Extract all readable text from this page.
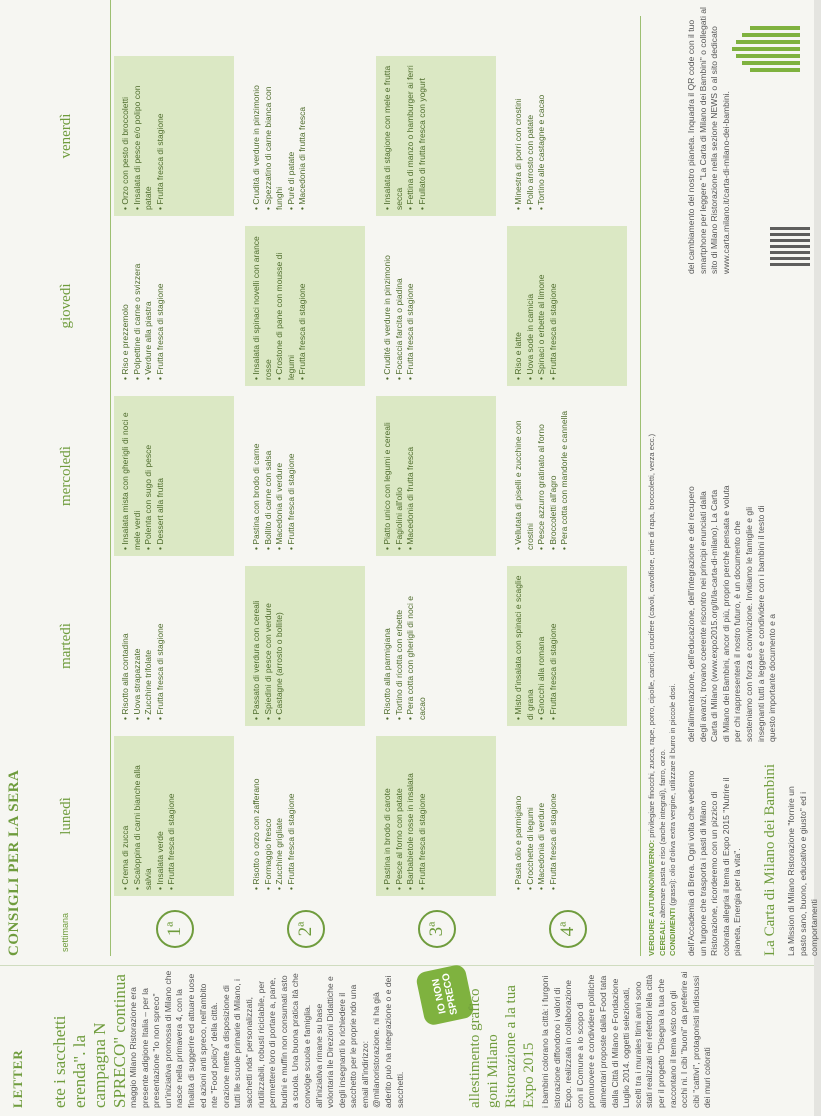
LETTER ete i sacchetti erenda". la campagna N SPRECO" continua maggio Milano Ristorazione era presente adigione Italia – per la presentazione "Io non spreco" un'iniziativa promossa di Milano che nasce nella primavera 4, con la finalità di suggerire ed attuare uose ed azioni anti spreco, nell'ambito nte "Food policy" della città. orazione mette a disposizione di tutti lle scuole primarie di Milano, i sacchetti nda" personalizzati, riutilizzabili, robusti riciclabile, per permettere loro di portare a, pane, budini e muffin non consumati asto a scuola. Una buona pratica ità che convolge scuola e famiglia. all'iniziativa rimane su base volontaria lle Direzioni Didattiche e degli insegnanti lo richiedere il sacchetto per le proprie ndo una email all'indirizzo: @milanoristorazione. ni ha già aderito può na integrazione o e dei sacchetti.

IO NON SPRECO allestimento grafico goni Milano Ristorazione a la tua Expo 2015 i bambini colorano la città: i furgoni istorazione diffondono i valori di Expo. realizzata in collaborazione con il Comune a lo scopo di promuovere e condividere politiche alimentari proposte dalla Food tata dalla Città di Milano e Fondazione Luglio 2014. oggetti selezionati, scelti tra i murales ltimi anni sono stati realizzati nei refettori lella città per il progetto "Disegna la tua che raccontano il tema visto con gli occhi ni. I cibi "buoni" da preferire ai cibi "cattivi", protagonisti indiscussi dei muri colorati

CONSIGLI PER LA SERA	settimana
lunedì
martedì
mercoledì
giovedì
venerdì
1ª
• Crema di zucca • Scaloppina di carni bianche alla salvia • Insalata verde • Frutta fresca di stagione
• Risotto alla contadina • Uova strapazzate • Zucchine trifolate • Frutta fresca di stagione
• Insalata mista con gherigli di noci e mele verdi • Polenta con sugo di pesce • Dessert alla frutta
• Riso e prezzemolo • Polpettine di carne o svizzera • Verdure alla piastra • Frutta fresca di stagione
• Orzo con pesto di broccoletti • Insalata di pesce e/o polipo con patate • Frutta fresca di stagione
2ª
• Risotto o orzo con zafferano • Formaggio fresco • Zucchine grigliate • Frutta fresca di stagione
• Passato di verdura con cereali • Spiedini di pesce con verdure • Castagne (arrosto o bollite)
• Pastina con brodo di carne • Bollito di carne con salsa • Macedonia di verdure • Frutta fresca di stagione
• Insalata di spinaci novelli con arance rosse • Crostone di pane con mousse di legumi • Frutta fresca di stagione
• Crudità di verdure in pinzimonio • Spezzatino di carne bianca con funghi • Purè di patate • Macedonia di frutta fresca
3ª
• Pastina in brodo di carote • Pesce al forno con patate • Barbabietole rosse in insalata • Frutta fresca di stagione
• Risotto alla parmigiana • Tortino di ricotta con erbette • Pera cotta con gherigli di noci e cacao
• Piatto unico con legumi e cereali • Fagiolini all'olio • Macedonia di frutta fresca
• Crudité di verdure in pinzimonio • Focaccia farcita o piadina • Frutta fresca di stagione
• Insalata di stagione con mele e frutta secca • Fettina di manzo o hamburger ai ferri • Frullato di frutta fresca con yogurt
4ª
• Pasta olio e parmigiano • Crocchette di legumi • Macedonia di verdure • Frutta fresca di stagione
• Misto d'insalata con spinaci e scaglie di grana • Gnocchi alla romana • Frutta fresca di stagione
• Vellutata di piselli e zucchine con crostini • Pesce azzurro gratinato al forno • Broccoletti all'agro • Pera cotta con mandorle e cannella
• Riso e latte • Uova sode in camicia • Spinaci o erbette al limone • Frutta fresca di stagione
• Minestra di porri con crostini • Pollo arrosto con patate • Tortino alle castagne e cacao
VERDURE AUTUNNO/INVERNO: privilegiare finocchi, zucca, rape, porro, cipolle, carciofi, crucifere (cavoli, cavolfiore, cime di rapa, broccoletti, verza ecc.)
CEREALI: alternare pasta e riso (anche integrali), farro, orzo.
CONDIMENTI (grassi): olio d'oliva extra vergine, utilizzare il burro in piccole dosi. dell'Accademia di Brera. Ogni volta che vedremo un furgone che trasporta i pasti di Milano Ristorazione, ricorderemo con un pizzico di colorata allegria il tema di Expo 2015 "Nutrire il pianeta, Energia per la vita". La Carta di Milano dei Bambini La Mission di Milano Ristorazione "fornire un pasto sano, buono, educativo e giusto" ed i comportamenti

dell'alimentazione, dell'educazione, dell'integrazione e del recupero degli avanzi, trovano coerente riscontro nei principi enunciati dalla Carta di Milano (www.expo2015.org/it/la-carta-di-milano). La Carta di Milano dei Bambini, ancor di più, proprio perché pensata e voluta per chi rappresenterà il nostro futuro, è un documento che sosteniamo con forza e convinzione. Invitiamo le famiglie e gli insegnanti tutti a leggere e condividere con i bambini il testo di questo importante documento e a

del cambiamento del nostro pianeta. Inquadra il QR code con il tuo smartphone per leggere "La Carta di Milano dei Bambini" o collegati al sito di Milano Ristorazione nella sezione NEWS o al sito dedicato www.carta.milano.it/carta-di-milano-dei-bambini.
